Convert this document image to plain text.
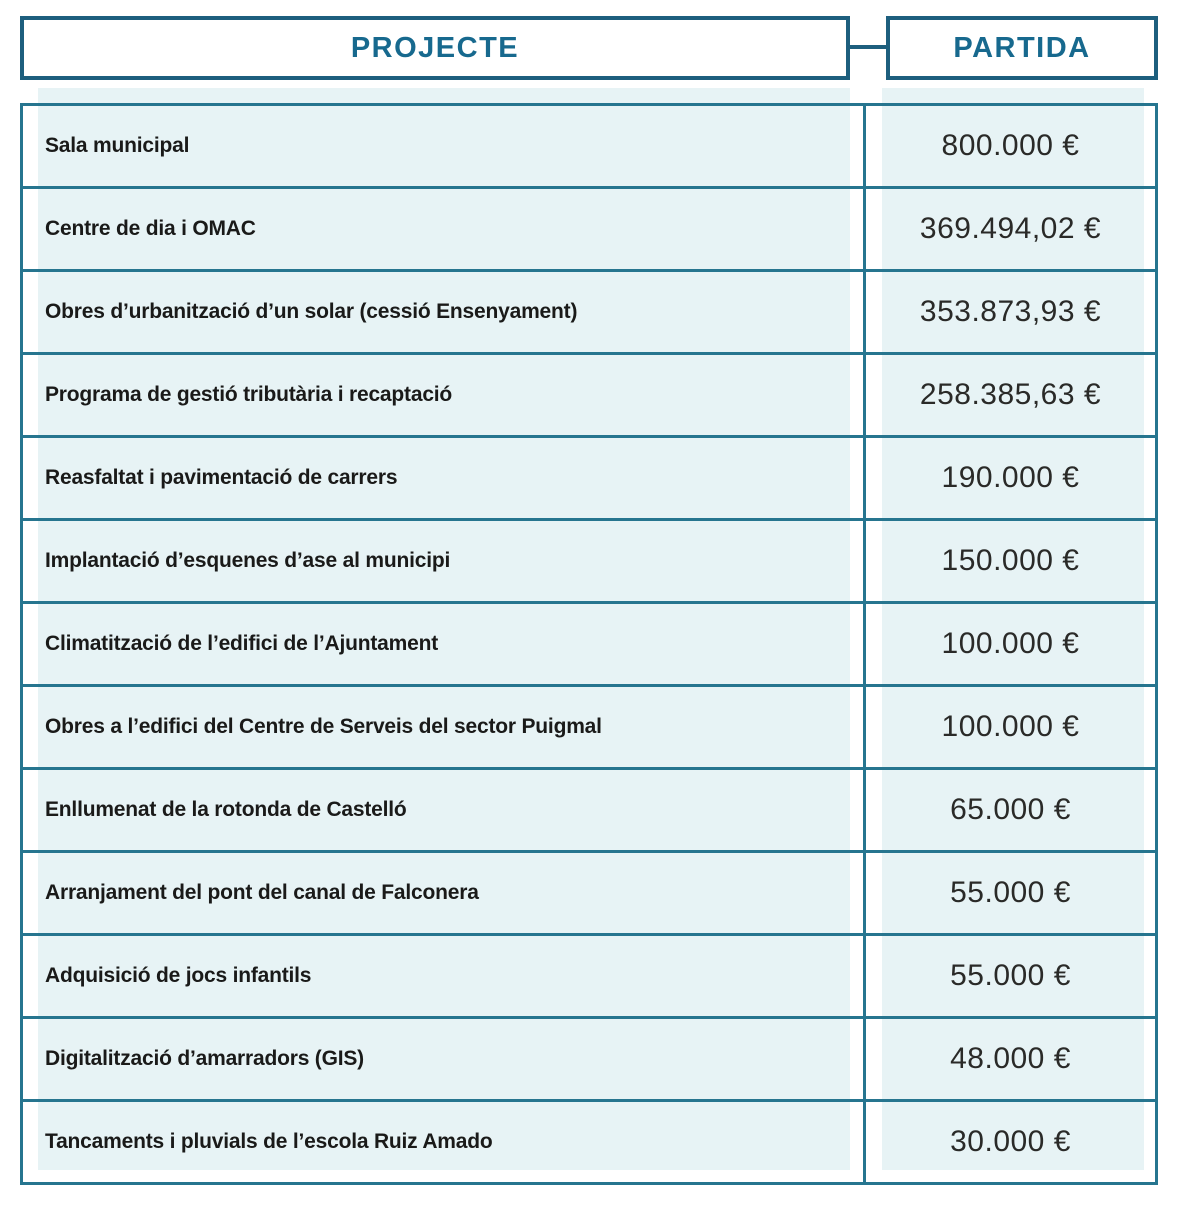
PROJECTE	PARTIDA
Sala municipal	800.000 €
Centre de dia i OMAC	369.494,02 €
Obres d’urbanització d’un solar (cessió Ensenyament)	353.873,93 €
Programa de gestió tributària i recaptació	258.385,63 €
Reasfaltat i pavimentació de carrers	190.000 €
Implantació d’esquenes d’ase al municipi	150.000 €
Climatització de l’edifici de l’Ajuntament	100.000 €
Obres a l’edifici del Centre de Serveis del sector Puigmal	100.000 €
Enllumenat de la rotonda de Castelló	65.000 €
Arranjament del pont del canal de Falconera	55.000 €
Adquisició de jocs infantils	55.000 €
Digitalització d’amarradors (GIS)	48.000 €
Tancaments i pluvials de l’escola Ruiz Amado	30.000 €
